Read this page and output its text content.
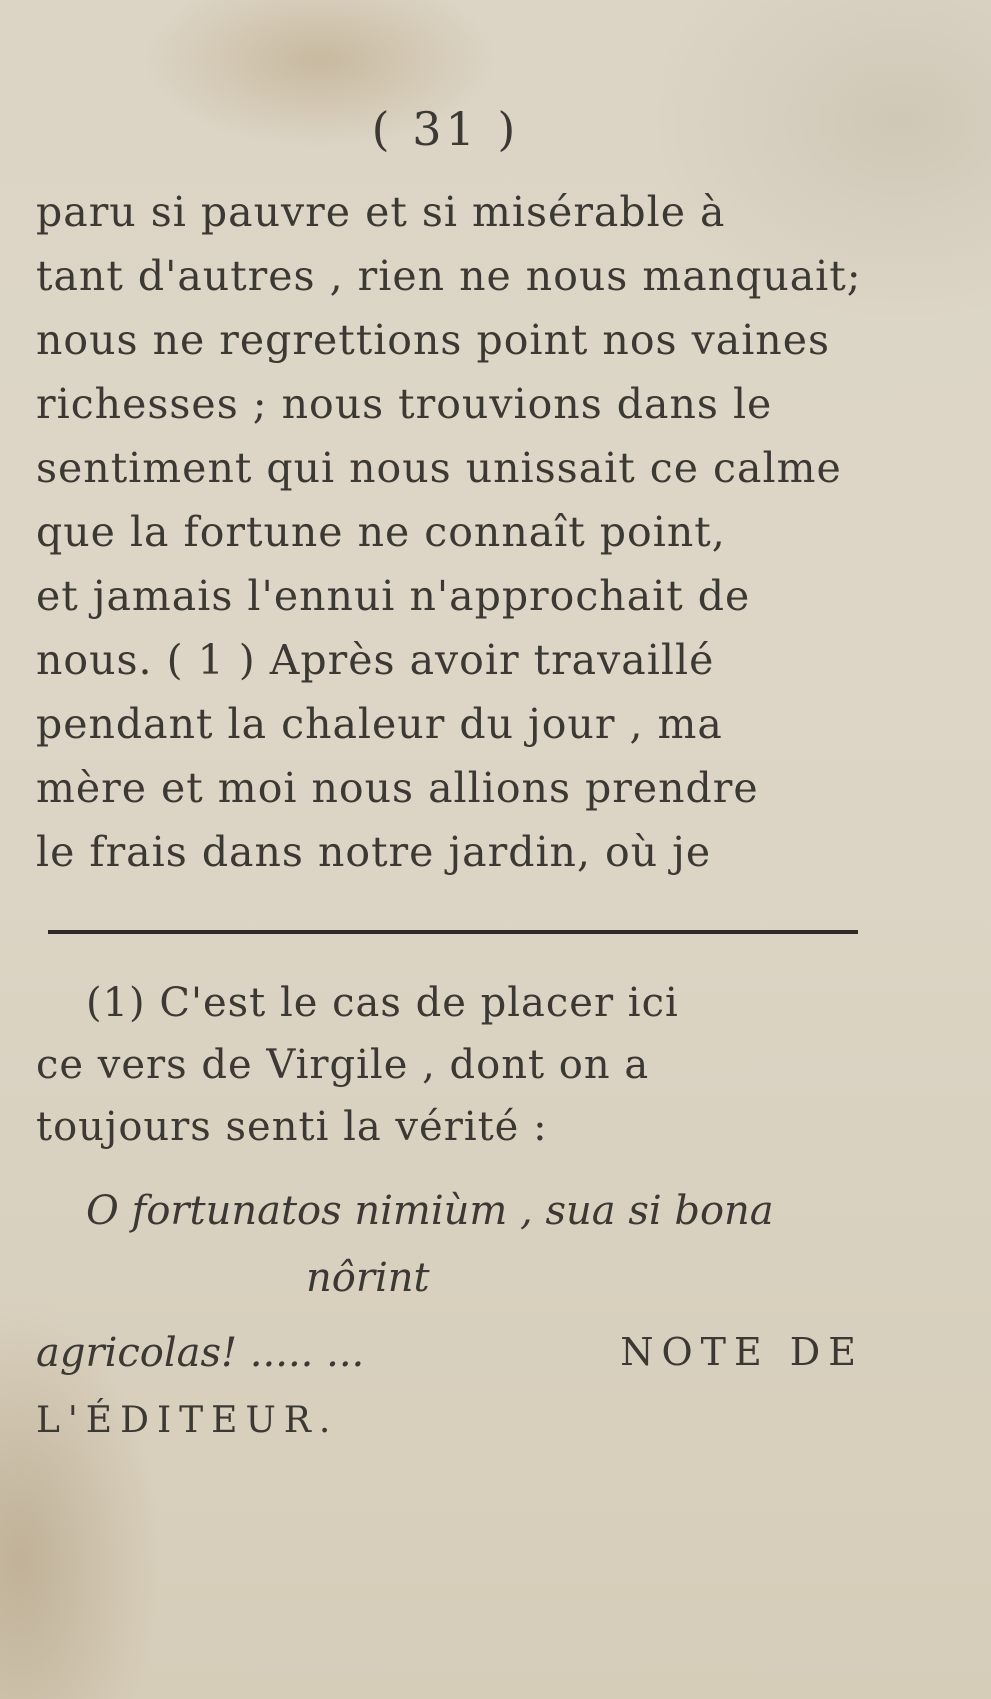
( 31 )
paru si pauvre et si misérable à
tant d'autres , rien ne nous manquait;
nous ne regrettions point nos vaines
richesses ; nous trouvions dans le
sentiment qui nous unissait ce calme
que la fortune ne connaît point,
et jamais l'ennui n'approchait de
nous. ( 1 ) Après avoir travaillé
pendant la chaleur du jour , ma
mère et moi nous allions prendre
le frais dans notre jardin, où je
(1) C'est le cas de placer ici
ce vers de Virgile , dont on a
toujours senti la vérité :
O fortunatos nimiùm , sua si bona
nôrint
agricolas! ..... ...	NOTE DE
L'ÉDITEUR.
